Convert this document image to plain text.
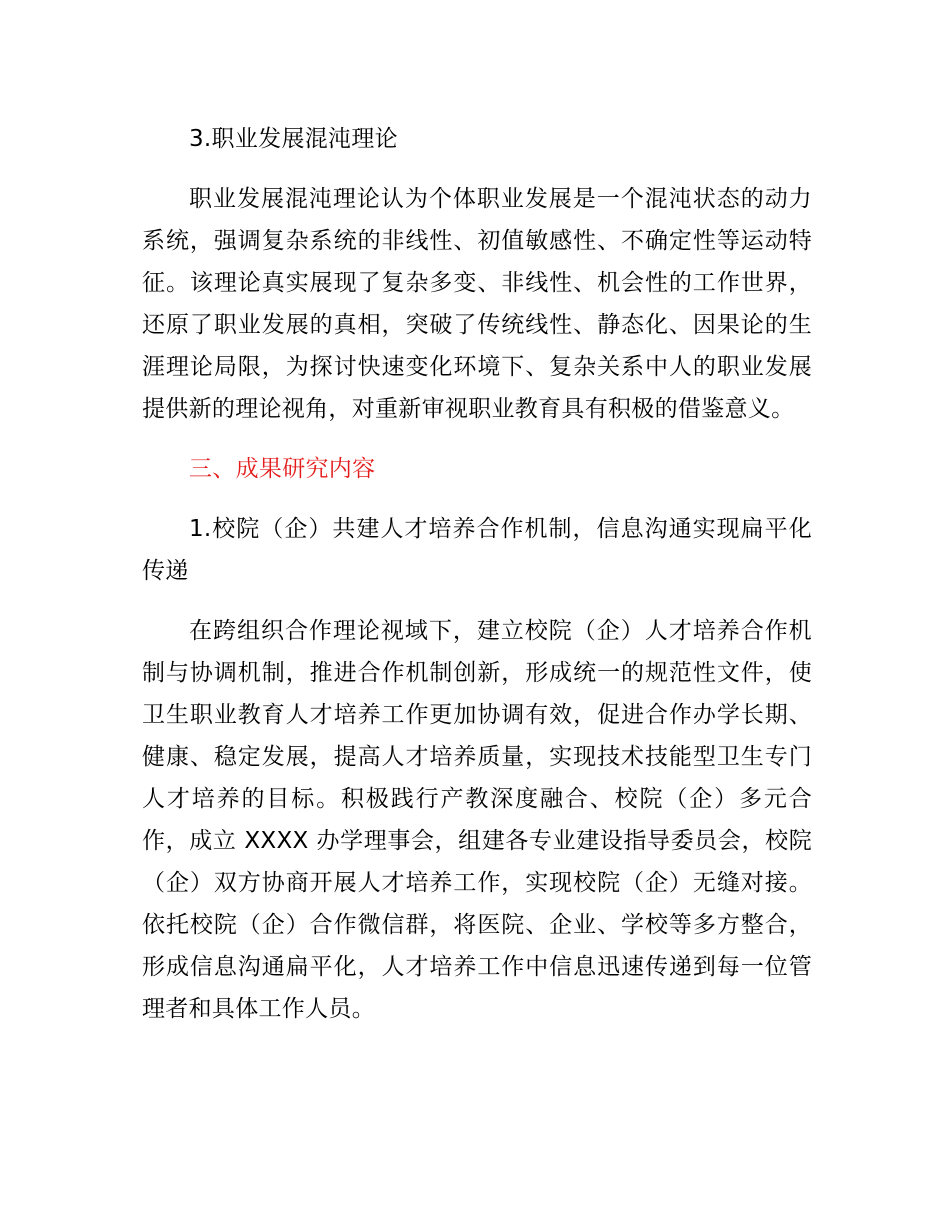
3.职业发展混沌理论

职业发展混沌理论认为个体职业发展是一个混沌状态的动力系统，强调复杂系统的非线性、初值敏感性、不确定性等运动特征。该理论真实展现了复杂多变、非线性、机会性的工作世界，还原了职业发展的真相，突破了传统线性、静态化、因果论的生涯理论局限，为探讨快速变化环境下、复杂关系中人的职业发展提供新的理论视角，对重新审视职业教育具有积极的借鉴意义。

三、成果研究内容

1.校院（企）共建人才培养合作机制，信息沟通实现扁平化传递

在跨组织合作理论视域下，建立校院（企）人才培养合作机制与协调机制，推进合作机制创新，形成统一的规范性文件，使卫生职业教育人才培养工作更加协调有效，促进合作办学长期、健康、稳定发展，提高人才培养质量，实现技术技能型卫生专门人才培养的目标。积极践行产教深度融合、校院（企）多元合作，成立 XXXX 办学理事会，组建各专业建设指导委员会，校院（企）双方协商开展人才培养工作，实现校院（企）无缝对接。依托校院（企）合作微信群，将医院、企业、学校等多方整合，形成信息沟通扁平化，人才培养工作中信息迅速传递到每一位管理者和具体工作人员。
